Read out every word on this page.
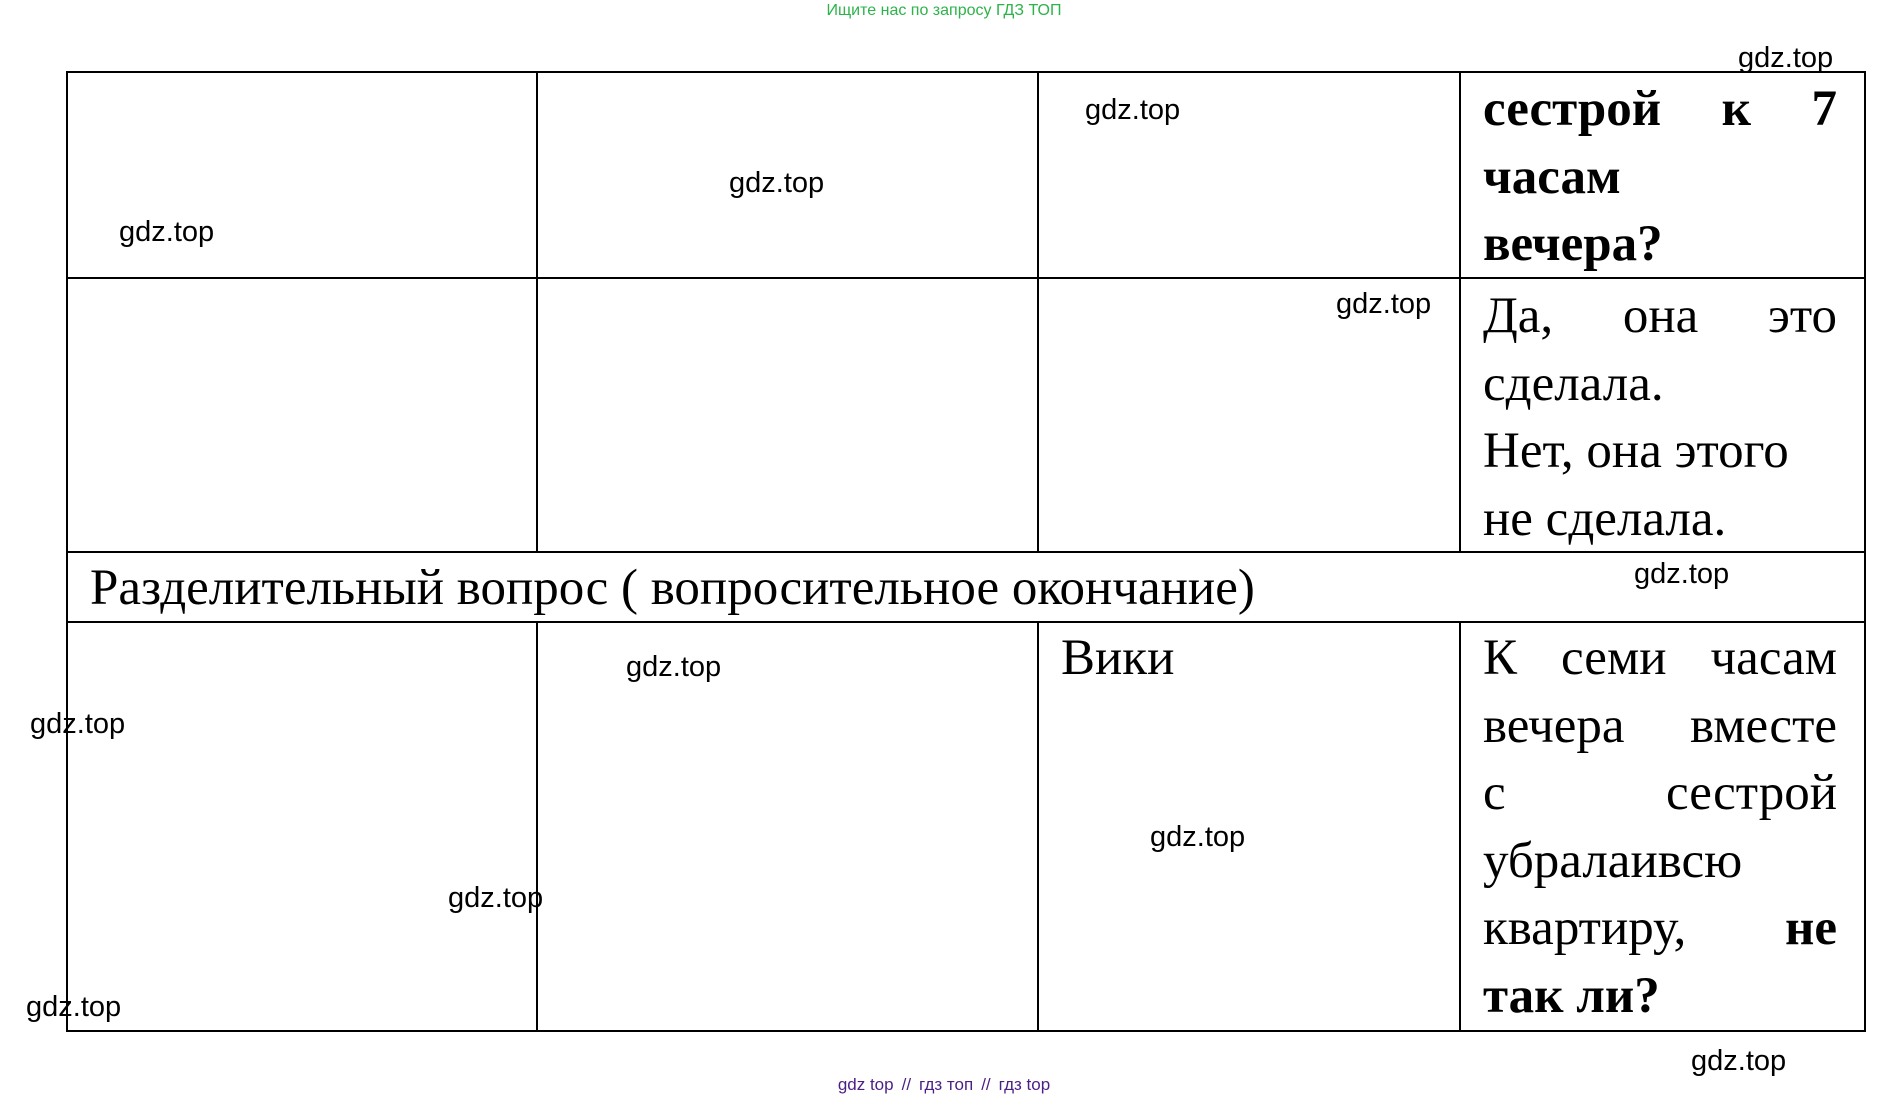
Ищите нас по запросу ГДЗ ТОП
сестрой к 7
часам
вечера?
Да, она это
сделала.
Нет, она этого
не сделала.
Разделительный вопрос ( вопросительное окончание)
Вики	К семи часам
вечера вместе
с	сестрой
убралаивсю
квартиру, не
так ли?
gdz.top
gdz.top
gdz.top
gdz.top
gdz.top
gdz.top
gdz.top
gdz.top
gdz.top
gdz.top
gdz.top
gdz.top
gdz top // гдз топ // гдз top
